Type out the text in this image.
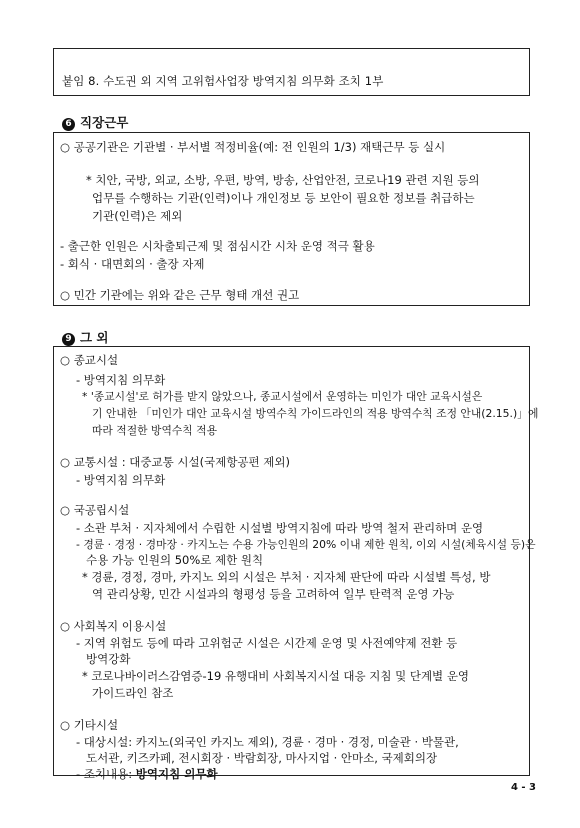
붙임 8. 수도권 외 지역 고위험사업장 방역지침 의무화 조치 1부
6 직장근무
○ 공공기관은 기관별 · 부서별 적정비율(예: 전 인원의 1/3) 재택근무 등 실시
* 치안, 국방, 외교, 소방, 우편, 방역, 방송, 산업안전, 코로나19 관련 지원 등의
업무를 수행하는 기관(인력)이나 개인정보 등 보안이 필요한 정보를 취급하는
기관(인력)은 제외
- 출근한 인원은 시차출퇴근제 및 점심시간 시차 운영 적극 활용
- 회식 · 대면회의 · 출장 자제
○ 민간 기관에는 위와 같은 근무 형태 개선 권고
9 그 외
○ 종교시설
- 방역지침 의무화
* '종교시설'로 허가를 받지 않았으나, 종교시설에서 운영하는 미인가 대안 교육시설은
기 안내한 「미인가 대안 교육시설 방역수칙 가이드라인의 적용 방역수칙 조정 안내(2.15.)」에
따라 적절한 방역수칙 적용
○ 교통시설 : 대중교통 시설(국제항공편 제외)
- 방역지침 의무화
○ 국공립시설
- 소관 부처 · 지자체에서 수립한 시설별 방역지침에 따라 방역 철저 관리하며 운영
- 경륜 · 경정 · 경마장 · 카지노는 수용 가능인원의 20% 이내 제한 원칙, 이외 시설(체육시설 등)은
수용 가능 인원의 50%로 제한 원칙
* 경륜, 경정, 경마, 카지노 외의 시설은 부처 · 지자체 판단에 따라 시설별 특성, 방
역 관리상황, 민간 시설과의 형평성 등을 고려하여 일부 탄력적 운영 가능
○ 사회복지 이용시설
- 지역 위험도 등에 따라 고위험군 시설은 시간제 운영 및 사전예약제 전환 등
방역강화
* 코로나바이러스감염증-19 유행대비 사회복지시설 대응 지침 및 단계별 운영
가이드라인 참조
○ 기타시설
- 대상시설: 카지노(외국인 카지노 제외), 경륜 · 경마 · 경정, 미술관 · 박물관,
도서관, 키즈카페, 전시회장 · 박람회장, 마사지업 · 안마소, 국제회의장
- 조치내용: 방역지침 의무화
4 - 3
